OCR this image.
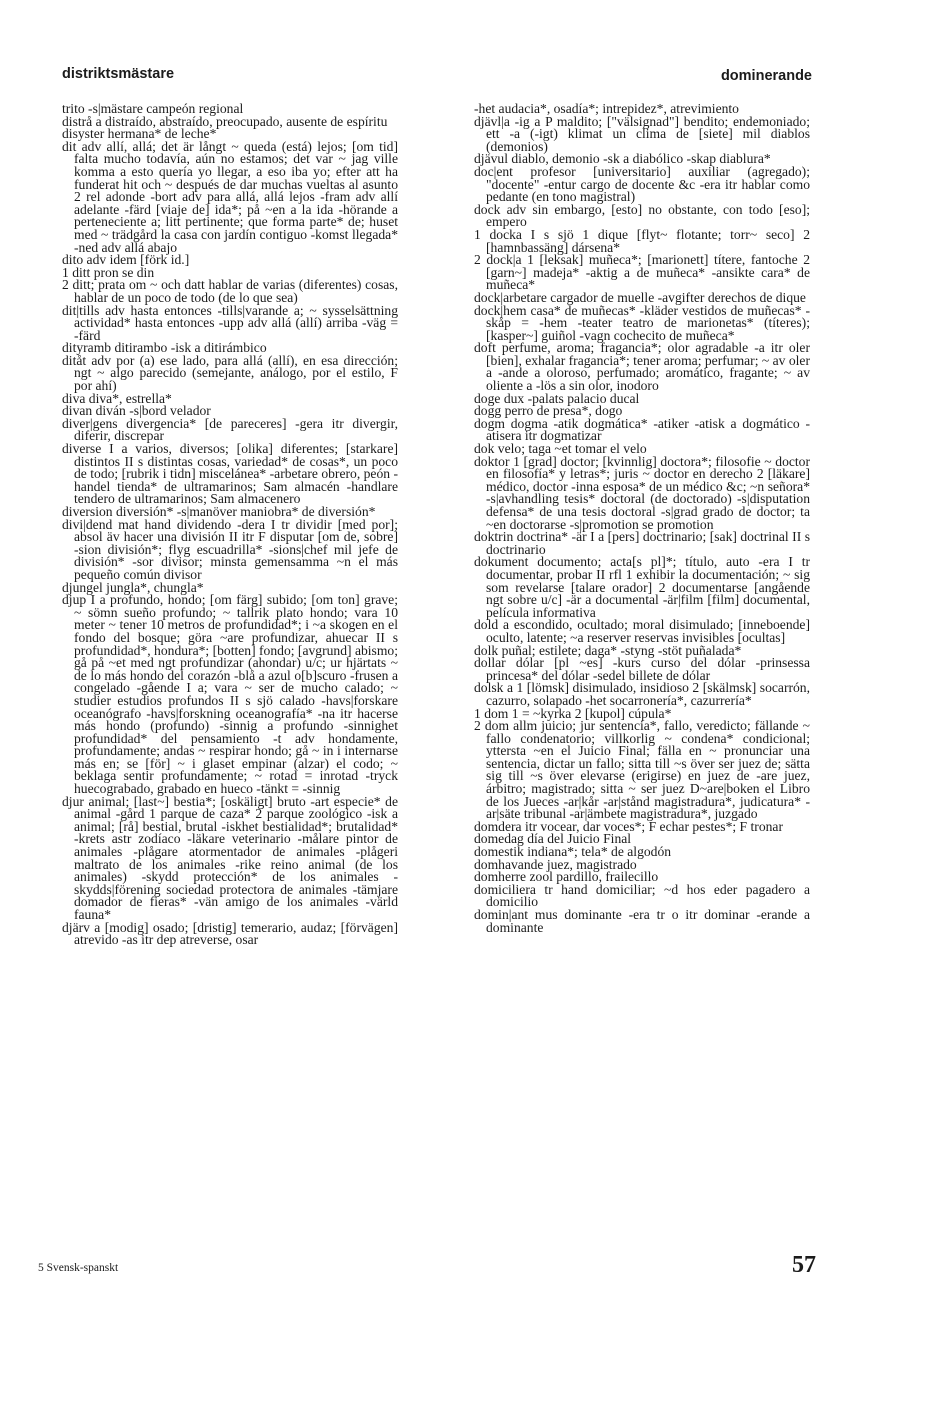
distriktsmästare	dominerande

trito -s|mästare campeón regional

distrå a distraído, abstraído, preocupado, ausente de espíritu

disyster hermana* de leche*

dit adv allí, allá; det är långt ~ queda (está) lejos; [om tid] falta mucho todavía, aún no estamos; det var ~ jag ville komma a esto quería yo llegar, a eso iba yo; efter att ha funderat hit och ~ después de dar muchas vueltas al asunto 2 rel adonde -bort adv para allá, allá lejos -fram adv allí adelante -färd [viaje de] ida*; på ~en a la ida -hörande a perteneciente a; litt pertinente; que forma parte* de; huset med ~ trädgård la casa con jardín contiguo -komst llegada* -ned adv allá abajo

dito adv idem [förk id.]

1 ditt pron se din

2 ditt; prata om ~ och datt hablar de varias (diferentes) cosas, hablar de un poco de todo (de lo que sea)

dit|tills adv hasta entonces -tills|varande a; ~ sysselsättning actividad* hasta entonces -upp adv allá (allí) arriba -väg = -färd

dityramb ditirambo -isk a ditirámbico

ditåt adv por (a) ese lado, para allá (allí), en esa dirección; ngt ~ algo parecido (semejante, análogo, por el estilo, F por ahí)

diva diva*, estrella*

divan diván -s|bord velador

diver|gens divergencia* [de pareceres] -gera itr divergir, diferir, discrepar

diverse I a varios, diversos; [olika] diferentes; [starkare] distintos II s distintas cosas, variedad* de cosas*, un poco de todo; [rubrik i tidn] miscelánea* -arbetare obrero, peón -handel tienda* de ultramarinos; Sam almacén -handlare tendero de ultramarinos; Sam almacenero

diversion diversión* -s|manöver maniobra* de diversión*

divi|dend mat hand dividendo -dera I tr dividir [med por]; absol äv hacer una división II itr F disputar [om de, sobre] -sion división*; flyg escuadrilla* -sions|chef mil jefe de división* -sor divisor; minsta gemensamma ~n el más pequeño común divisor

djungel jungla*, chungla*

djup I a profundo, hondo; [om färg] subido; [om ton] grave; ~ sömn sueño profundo; ~ tallrik plato hondo; vara 10 meter ~ tener 10 metros de profundidad*; i ~a skogen en el fondo del bosque; göra ~are profundizar, ahuecar II s profundidad*, hondura*; [botten] fondo; [avgrund] abismo; gå på ~et med ngt profundizar (ahondar) u/c; ur hjärtats ~ de lo más hondo del corazón -blå a azul o[b]scuro -frusen a congelado -gående I a; vara ~ ser de mucho calado; ~ studier estudios profundos II s sjö calado -havs|forskare oceanógrafo -havs|forskning oceanografía* -na itr hacerse más hondo (profundo) -sinnig a profundo -sinnighet profundidad* del pensamiento -t adv hondamente, profundamente; andas ~ respirar hondo; gå ~ in i internarse más en; se [för] ~ i glaset empinar (alzar) el codo; ~ beklaga sentir profundamente; ~ rotad = inrotad -tryck huecograbado, grabado en hueco -tänkt = -sinnig

djur animal; [last~] bestia*; [oskäligt] bruto -art especie* de animal -gård 1 parque de caza* 2 parque zoológico -isk a animal; [rå] bestial, brutal -iskhet bestialidad*; brutalidad* -krets astr zodíaco -läkare veterinario -målare pintor de animales -plågare atormentador de animales -plågeri maltrato de los animales -rike reino animal (de los animales) -skydd protección* de los animales -skydds|förening sociedad protectora de animales -tämjare domador de fieras* -vän amigo de los animales -värld fauna*

djärv a [modig] osado; [dristig] temerario, audaz; [förvägen] atrevido -as itr dep atreverse, osar

-het audacia*, osadía*; intrepidez*, atrevimiento

djävl|a -ig a P maldito; ["välsignad"] bendito; endemoniado; ett -a (-igt) klimat un clima de [siete] mil diablos (demonios)

djävul diablo, demonio -sk a diabólico -skap diablura*

doc|ent profesor [universitario] auxiliar (agregado); "docente" -entur cargo de docente &c -era itr hablar como pedante (en tono magistral)

dock adv sin embargo, [esto] no obstante, con todo [eso]; empero

1 docka I s sjö 1 dique [flyt~ flotante; torr~ seco] 2 [hamnbassäng] dársena*

2 dock|a 1 [leksak] muñeca*; [marionett] títere, fantoche 2 [garn~] madeja* -aktig a de muñeca* -ansikte cara* de muñeca*

dock|arbetare cargador de muelle -avgifter derechos de dique

dock|hem casa* de muñecas* -kläder vestidos de muñecas* -skåp = -hem -teater teatro de marionetas* (títeres); [kasper~] guiñol -vagn cochecito de muñeca*

doft perfume, aroma; fragancia*; olor agradable -a itr oler [bien], exhalar fragancia*; tener aroma; perfumar; ~ av oler a -ande a oloroso, perfumado; aromático, fragante; ~ av oliente a -lös a sin olor, inodoro

doge dux -palats palacio ducal

dogg perro de presa*, dogo

dogm dogma -atik dogmática* -atiker -atisk a dogmático -atisera itr dogmatizar

dok velo; taga ~et tomar el velo

doktor 1 [grad] doctor; [kvinnlig] doctora*; filosofie ~ doctor en filosofía* y letras*; juris ~ doctor en derecho 2 [läkare] médico, doctor -inna esposa* de un médico &c; ~n señora* -s|avhandling tesis* doctoral (de doctorado) -s|disputation defensa* de una tesis doctoral -s|grad grado de doctor; ta ~en doctorarse -s|promotion se promotion

doktrin doctrina* -är I a [pers] doctrinario; [sak] doctrinal II s doctrinario

dokument documento; acta[s pl]*; título, auto -era I tr documentar, probar II rfl 1 exhibir la documentación; ~ sig som revelarse [talare orador] 2 documentarse [angående ngt sobre u/c] -är a documental -är|film [film] documental, película informativa

dold a escondido, ocultado; moral disimulado; [inneboende] oculto, latente; ~a reserver reservas invisibles [ocultas]

dolk puñal; estilete; daga* -styng -stöt puñalada*

dollar dólar [pl ~es] -kurs curso del dólar -prinsessa princesa* del dólar -sedel billete de dólar

dolsk a 1 [lömsk] disimulado, insidioso 2 [skälmsk] socarrón, cazurro, solapado -het socarronería*, cazurrería*

1 dom 1 = ~kyrka 2 [kupol] cúpula*

2 dom allm juicio; jur sentencia*, fallo, veredicto; fällande ~ fallo condenatorio; villkorlig ~ condena* condicional; yttersta ~en el Juicio Final; fälla en ~ pronunciar una sentencia, dictar un fallo; sitta till ~s över ser juez de; sätta sig till ~s över elevarse (erigirse) en juez de -are juez, árbitro; magistrado; sitta ~ ser juez D~are|boken el Libro de los Jueces -ar|kår -ar|stånd magistradura*, judicatura* -ar|säte tribunal -ar|ämbete magistradura*, juzgado

domdera itr vocear, dar voces*; F echar pestes*; F tronar

domedag día del Juicio Final

domestik indiana*; tela* de algodón

domhavande juez, magistrado

domherre zool pardillo, frailecillo

domiciliera tr hand domiciliar; ~d hos eder pagadero a domicilio

domin|ant mus dominante -era tr o itr dominar -erande a dominante

5 Svensk-spanskt	57
